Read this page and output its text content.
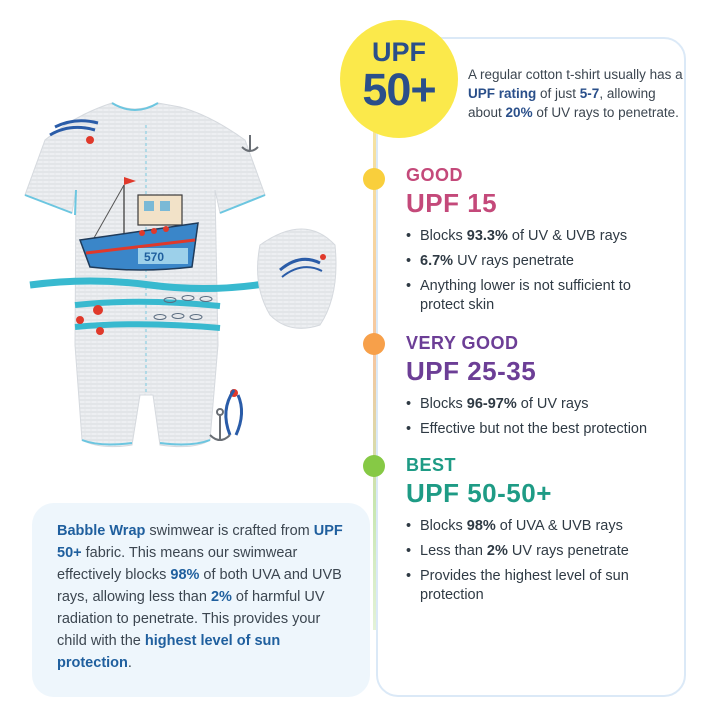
570
UPF
50+	A regular cotton t-shirt usually has a UPF rating of just 5-7, allowing about 20% of UV rays to penetrate.
GOOD
UPF 15
• Blocks 93.3% of UV & UVB rays
• 6.7% UV rays penetrate
• Anything lower is not sufficient to protect skin
VERY GOOD
UPF 25-35
• Blocks 96-97% of UV rays
• Effective but not the best protection
BEST
UPF 50-50+
• Blocks 98% of UVA & UVB rays
• Less than 2% UV rays penetrate
• Provides the highest level of sun protection
Babble Wrap swimwear is crafted from UPF 50+ fabric. This means our swimwear effectively blocks 98% of both UVA and UVB rays, allowing less than 2% of harmful UV radiation to penetrate. This provides your child with the highest level of sun protection.
